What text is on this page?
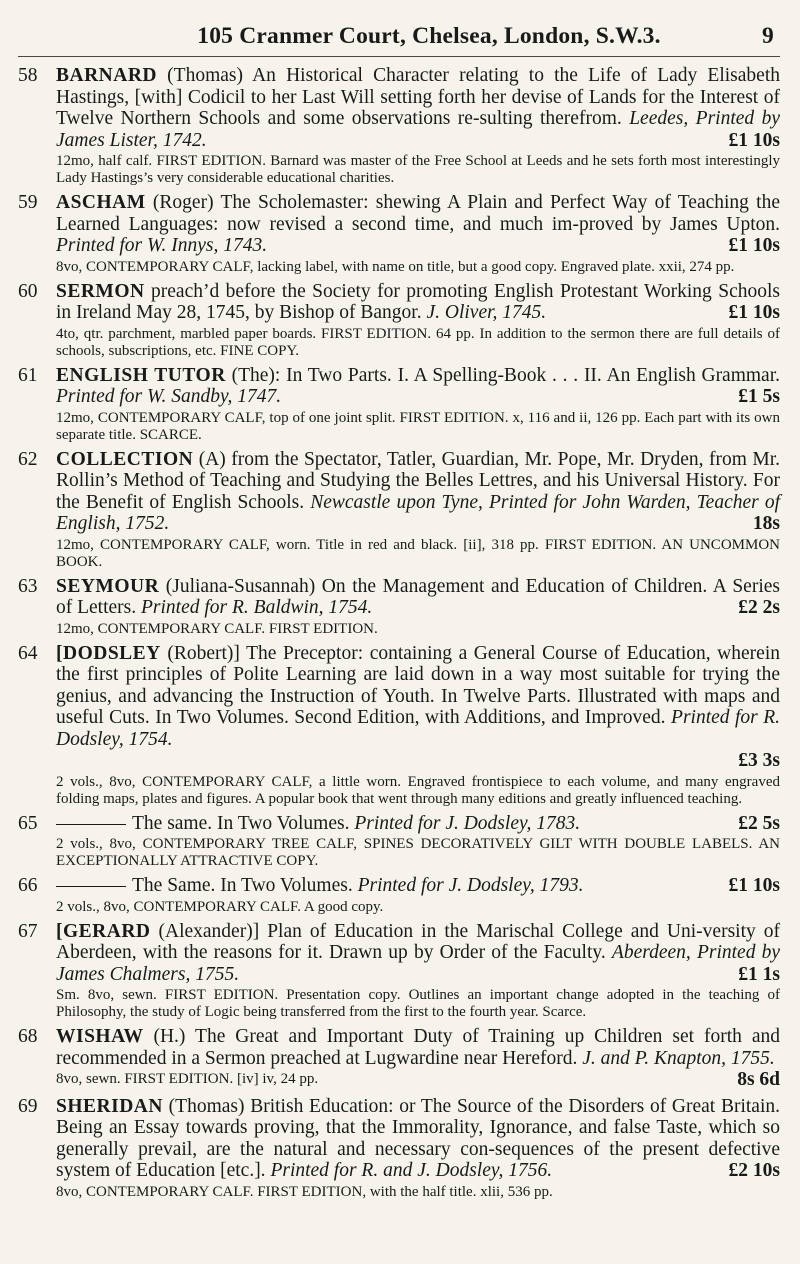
105 Cranmer Court, Chelsea, London, S.W.3.	9
58 BARNARD (Thomas) An Historical Character relating to the Life of Lady Elisabeth Hastings, [with] Codicil to her Last Will setting forth her devise of Lands for the Interest of Twelve Northern Schools and some observations re-sulting therefrom. Leedes, Printed by James Lister, 1742.	£1 10s
12mo, half calf. FIRST EDITION. Barnard was master of the Free School at Leeds and he sets forth most interestingly Lady Hastings’s very considerable educational charities.
59 ASCHAM (Roger) The Scholemaster: shewing A Plain and Perfect Way of Teaching the Learned Languages: now revised a second time, and much im-proved by James Upton. Printed for W. Innys, 1743.	£1 10s
8vo, CONTEMPORARY CALF, lacking label, with name on title, but a good copy. Engraved plate. xxii, 274 pp.
60 SERMON preach’d before the Society for promoting English Protestant Working Schools in Ireland May 28, 1745, by Bishop of Bangor. J. Oliver, 1745.	£1 10s
4to, qtr. parchment, marbled paper boards. FIRST EDITION. 64 pp. In addition to the sermon there are full details of schools, subscriptions, etc. FINE COPY.
61 ENGLISH TUTOR (The): In Two Parts. I. A Spelling-Book . . . II. An English Grammar. Printed for W. Sandby, 1747.	£1 5s
12mo, CONTEMPORARY CALF, top of one joint split. FIRST EDITION. x, 116 and ii, 126 pp. Each part with its own separate title. SCARCE.
62 COLLECTION (A) from the Spectator, Tatler, Guardian, Mr. Pope, Mr. Dryden, from Mr. Rollin’s Method of Teaching and Studying the Belles Lettres, and his Universal History. For the Benefit of English Schools. Newcastle upon Tyne, Printed for John Warden, Teacher of English, 1752.	18s
12mo, CONTEMPORARY CALF, worn. Title in red and black. [ii], 318 pp. FIRST EDITION. AN UNCOMMON BOOK.
63 SEYMOUR (Juliana-Susannah) On the Management and Education of Children. A Series of Letters. Printed for R. Baldwin, 1754.	£2 2s
12mo, CONTEMPORARY CALF. FIRST EDITION.
64 [DODSLEY (Robert)] The Preceptor: containing a General Course of Education, wherein the first principles of Polite Learning are laid down in a way most suitable for trying the genius, and advancing the Instruction of Youth. In Twelve Parts. Illustrated with maps and useful Cuts. In Two Volumes. Second Edition, with Additions, and Improved. Printed for R. Dodsley, 1754.
£3 3s
2 vols., 8vo, CONTEMPORARY CALF, a little worn. Engraved frontispiece to each volume, and many engraved folding maps, plates and figures. A popular book that went through many editions and greatly influenced teaching.
65	The same. In Two Volumes. Printed for J. Dodsley, 1783.	£2 5s
2 vols., 8vo, CONTEMPORARY TREE CALF, SPINES DECORATIVELY GILT WITH DOUBLE LABELS. AN EXCEPTIONALLY ATTRACTIVE COPY.
66	The Same. In Two Volumes. Printed for J. Dodsley, 1793.	£1 10s
2 vols., 8vo, CONTEMPORARY CALF. A good copy.
67 [GERARD (Alexander)] Plan of Education in the Marischal College and Uni-versity of Aberdeen, with the reasons for it. Drawn up by Order of the Faculty. Aberdeen, Printed by James Chalmers, 1755.	£1 1s
Sm. 8vo, sewn. FIRST EDITION. Presentation copy. Outlines an important change adopted in the teaching of Philosophy, the study of Logic being transferred from the first to the fourth year. Scarce.
68 WISHAW (H.) The Great and Important Duty of Training up Children set forth and recommended in a Sermon preached at Lugwardine near Hereford. J. and P. Knapton, 1755.
8s 6d
8vo, sewn. FIRST EDITION. [iv] iv, 24 pp.
69 SHERIDAN (Thomas) British Education: or The Source of the Disorders of Great Britain. Being an Essay towards proving, that the Immorality, Ignorance, and false Taste, which so generally prevail, are the natural and necessary con-sequences of the present defective system of Education [etc.]. Printed for R. and J. Dodsley, 1756.	£2 10s
8vo, CONTEMPORARY CALF. FIRST EDITION, with the half title. xlii, 536 pp.
